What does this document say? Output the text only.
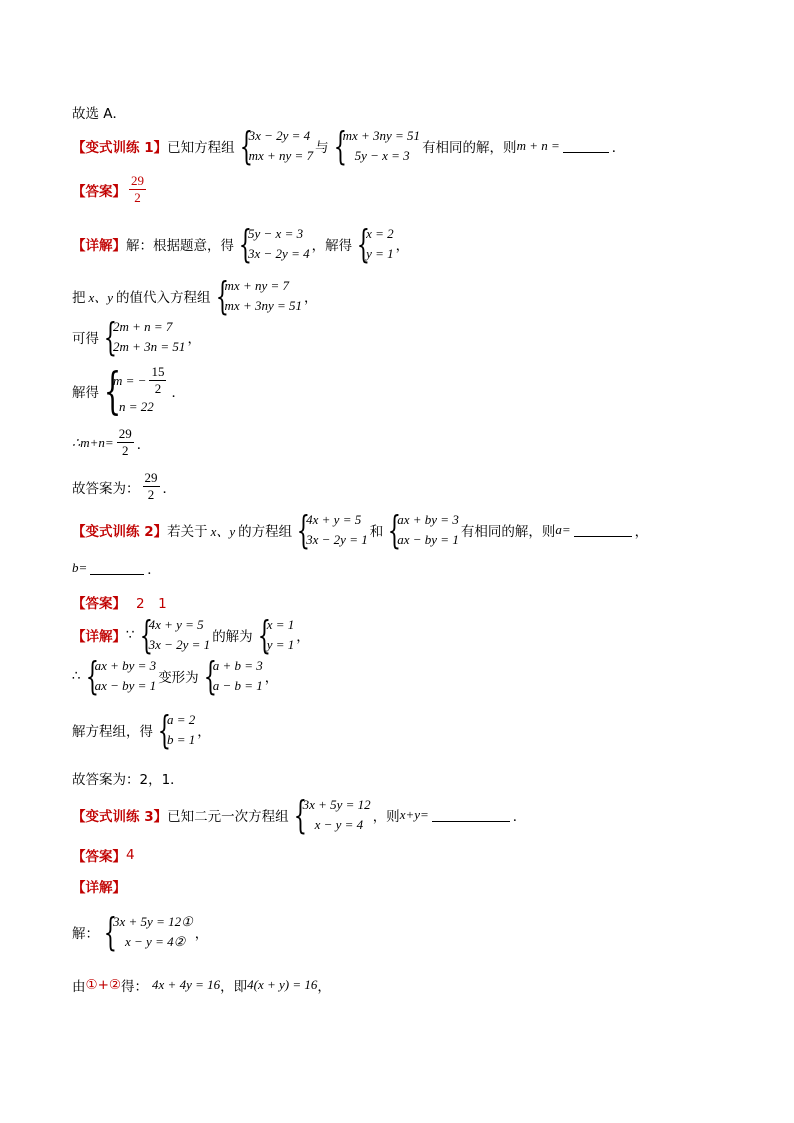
故选 A．
【变式训练 1】 已知方程组 {
3x − 2y = 4
mx + ny = 7 与 {
mx + 3ny = 51
5y − x = 3 有相同的解，则 m + n =	．
【答案】 $\frac{29}{2}$
【详解】 解：根据题意，得 {
5y − x = 3
3x − 2y = 4 ，解得 {
x = 2
y = 1 ，
把 x、y 的值代入方程组 {
mx + ny = 7
mx + 3ny = 51 ，
可得 {
2m + n = 7
2m + 3n = 51 ，
解得 {
m = − $\frac{15}{2}$
n = 22
．
∴m+n= $\frac{29}{2}$ ．
故答案为： $\frac{29}{2}$ ．
【变式训练 2】 若关于 x、y 的方程组 {
4x + y = 5
3x − 2y = 1 和 {
ax + by = 3
ax − by = 1 有相同的解，则 a=	，
b=	．
【答案】 2　1
【详解】 ∵ {
4x + y = 5
3x − 2y = 1 的解为 {
x = 1
y = 1 ，
∴ {
ax + by = 3
ax − by = 1 变形为 {
a + b = 3
a − b = 1 ，
解方程组，得 {
a = 2
b = 1 ，
故答案为：2，1．
【变式训练 3】 已知二元一次方程组 {
3x + 5y = 12
x − y = 4 ，则 x+y=	．
【答案】 4
【详解】
解： {
3x + 5y = 12①
x − y = 4② ，
由 ①+② 得： 4x + 4y = 16 ，即 4(x + y) = 16 ，
